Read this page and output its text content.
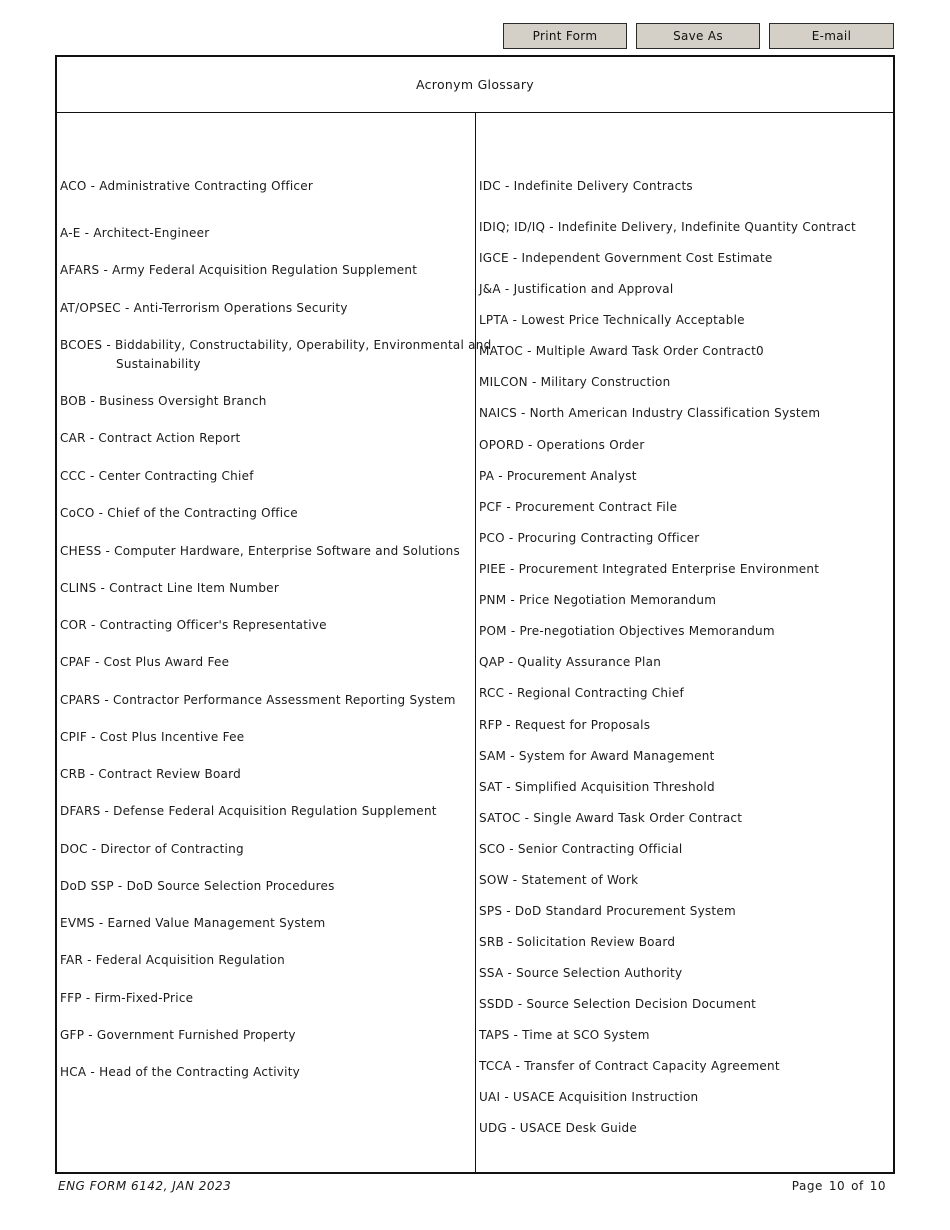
Print Form	Save As	E-mail
Acronym Glossary
ACO - Administrative Contracting Officer
A-E - Architect-Engineer
AFARS - Army Federal Acquisition Regulation Supplement
AT/OPSEC - Anti-Terrorism Operations Security
BCOES - Biddability, Constructability, Operability, Environmental and
Sustainability
BOB - Business Oversight Branch
CAR - Contract Action Report
CCC - Center Contracting Chief
CoCO - Chief of the Contracting Office
CHESS - Computer Hardware, Enterprise Software and Solutions
CLINS - Contract Line Item Number
COR - Contracting Officer's Representative
CPAF - Cost Plus Award Fee
CPARS - Contractor Performance Assessment Reporting System
CPIF - Cost Plus Incentive Fee
CRB - Contract Review Board
DFARS - Defense Federal Acquisition Regulation Supplement
DOC - Director of Contracting
DoD SSP - DoD Source Selection Procedures
EVMS - Earned Value Management System
FAR - Federal Acquisition Regulation
FFP - Firm-Fixed-Price
GFP - Government Furnished Property
HCA - Head of the Contracting Activity
IDC - Indefinite Delivery Contracts
IDIQ; ID/IQ - Indefinite Delivery, Indefinite Quantity Contract
IGCE - Independent Government Cost Estimate
J&A - Justification and Approval
LPTA - Lowest Price Technically Acceptable
MATOC - Multiple Award Task Order Contract0
MILCON - Military Construction
NAICS - North American Industry Classification System
OPORD - Operations Order
PA - Procurement Analyst
PCF - Procurement Contract File
PCO - Procuring Contracting Officer
PIEE - Procurement Integrated Enterprise Environment
PNM - Price Negotiation Memorandum
POM - Pre-negotiation Objectives Memorandum
QAP - Quality Assurance Plan
RCC - Regional Contracting Chief
RFP - Request for Proposals
SAM - System for Award Management
SAT - Simplified Acquisition Threshold
SATOC - Single Award Task Order Contract
SCO - Senior Contracting Official
SOW - Statement of Work
SPS - DoD Standard Procurement System
SRB - Solicitation Review Board
SSA - Source Selection Authority
SSDD - Source Selection Decision Document
TAPS - Time at SCO System
TCCA - Transfer of Contract Capacity Agreement
UAI - USACE Acquisition Instruction
UDG - USACE Desk Guide
ENG FORM 6142, JAN 2023	Page 10 of 10
